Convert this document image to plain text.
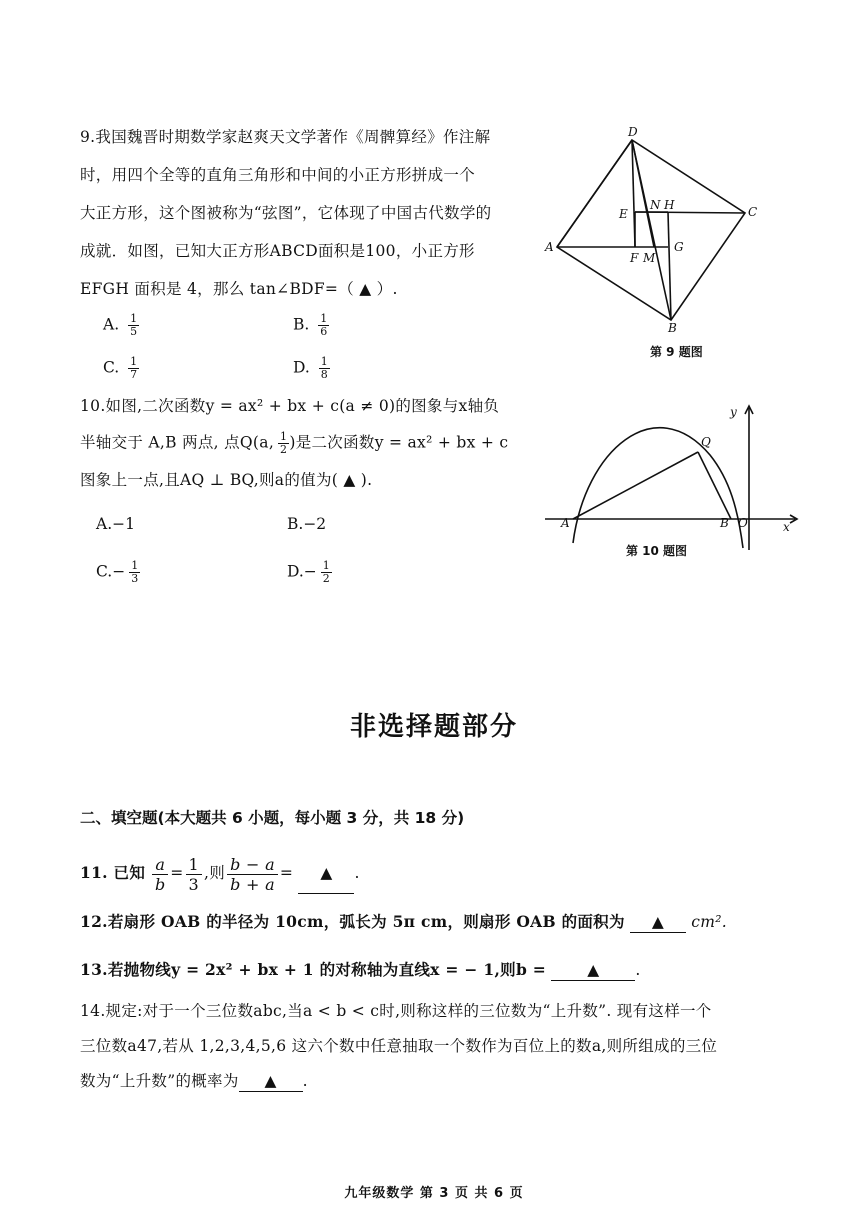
9.我国魏晋时期数学家赵爽天文学著作《周髀算经》作注解
时，用四个全等的直角三角形和中间的小正方形拼成一个
大正方形，这个图被称为“弦图”，它体现了中国古代数学的
成就．如图，已知大正方形ABCD面积是100，小正方形
EFGH 面积是 4，那么 tan∠BDF=（ ▲ ）.
A. $\frac{1}{5}$	B. $\frac{1}{6}$
C. $\frac{1}{7}$	D. $\frac{1}{8}$
D
C
A
B
E
N H
F M
G
第 9 题图
10.如图,二次函数y = ax² + bx + c(a ≠ 0)的图象与x轴负
半轴交于 A,B 两点, 点Q(a, $\frac{1}{2}$ )是二次函数y = ax² + bx + c
图象上一点,且AQ ⊥ BQ,则a的值为( ▲ ).
A.−1	B.−2
$C.- \frac{1}{3}$	$D.- \frac{1}{2}$
y
Q
A	B O	x
第 10 题图
非选择题部分
二、填空题(本大题共 6 小题，每小题 3 分，共 18 分)
11. 已知 $\frac{a}{b} = \frac{1}{3}$ ,则 $\frac{b - a}{b + a}$ = ▲ .
12.若扇形 OAB 的半径为 10cm，弧长为 5π cm，则扇形 OAB 的面积为 ▲ cm².
13.若抛物线y = 2x² + bx + 1 的对称轴为直线x = − 1,则b =	▲ .
14.规定:对于一个三位数abc,当a < b < c时,则称这样的三位数为“上升数”. 现有这样一个
三位数a47,若从 1,2,3,4,5,6 这六个数中任意抽取一个数作为百位上的数a,则所组成的三位
数为“上升数”的概率为 ▲ .
九年级数学 第 3 页 共 6 页
